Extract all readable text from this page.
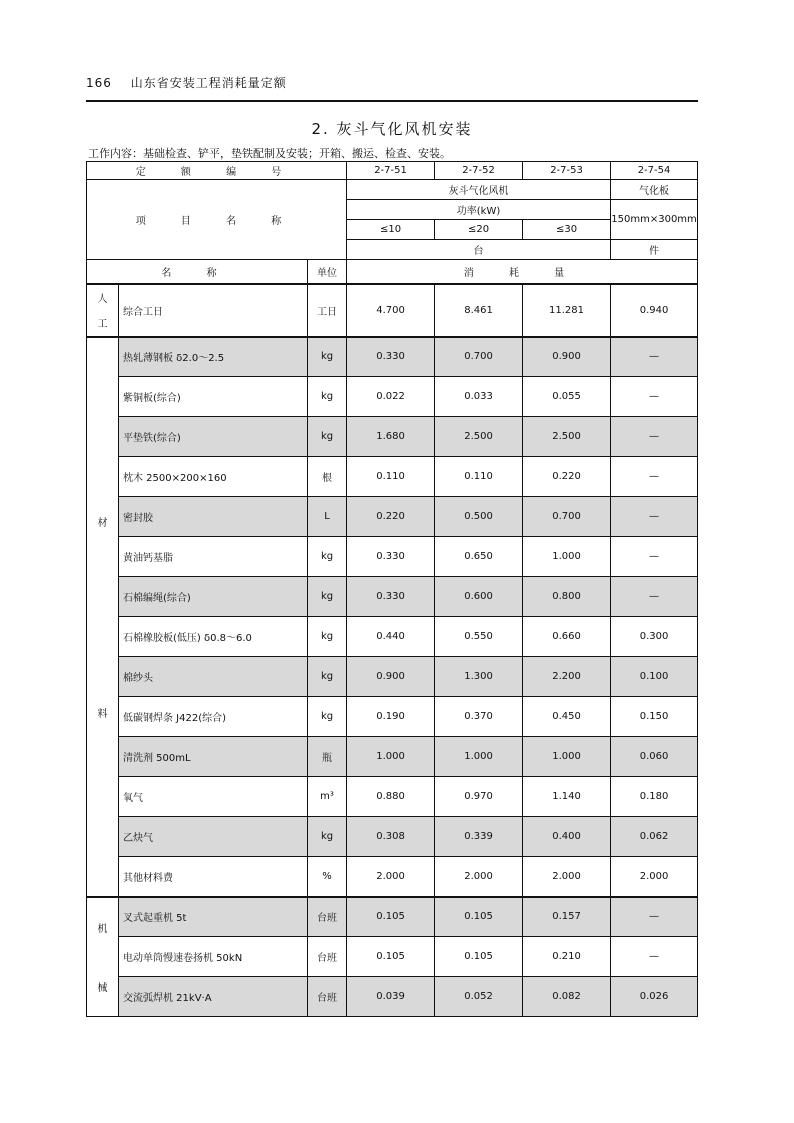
166 山东省安装工程消耗量定额
2. 灰斗气化风机安装
工作内容：基础检查、铲平，垫铁配制及安装；开箱、搬运、检查、安装。
定 额 编 号			2-7-51	2-7-52	2-7-53	2-7-54
项 目 名 称			灰斗气化风机			气化板
			功率(kW)			150mm×300mm
			≤10	≤20	≤30	
			台			件
名 称		单位	消 耗 量			

人
工	综合工日	工日	4.700	8.461	11.281	0.940

材
料	热轧薄钢板 δ2.0～2.5	kg	0.330	0.700	0.900	—
	紫铜板(综合)	kg	0.022	0.033	0.055	—
	平垫铁(综合)	kg	1.680	2.500	2.500	—
	枕木 2500×200×160	根	0.110	0.110	0.220	—
	密封胶	L	0.220	0.500	0.700	—
	黄油钙基脂	kg	0.330	0.650	1.000	—
	石棉编绳(综合)	kg	0.330	0.600	0.800	—
	石棉橡胶板(低压) δ0.8～6.0	kg	0.440	0.550	0.660	0.300
	棉纱头	kg	0.900	1.300	2.200	0.100
	低碳钢焊条 J422(综合)	kg	0.190	0.370	0.450	0.150
	清洗剂 500mL	瓶	1.000	1.000	1.000	0.060
	氧气	m³	0.880	0.970	1.140	0.180
	乙炔气	kg	0.308	0.339	0.400	0.062
	其他材料费	%	2.000	2.000	2.000	2.000

机
械	叉式起重机 5t	台班	0.105	0.105	0.157	—
	电动单筒慢速卷扬机 50kN	台班	0.105	0.105	0.210	—
	交流弧焊机 21kV·A	台班	0.039	0.052	0.082	0.026
